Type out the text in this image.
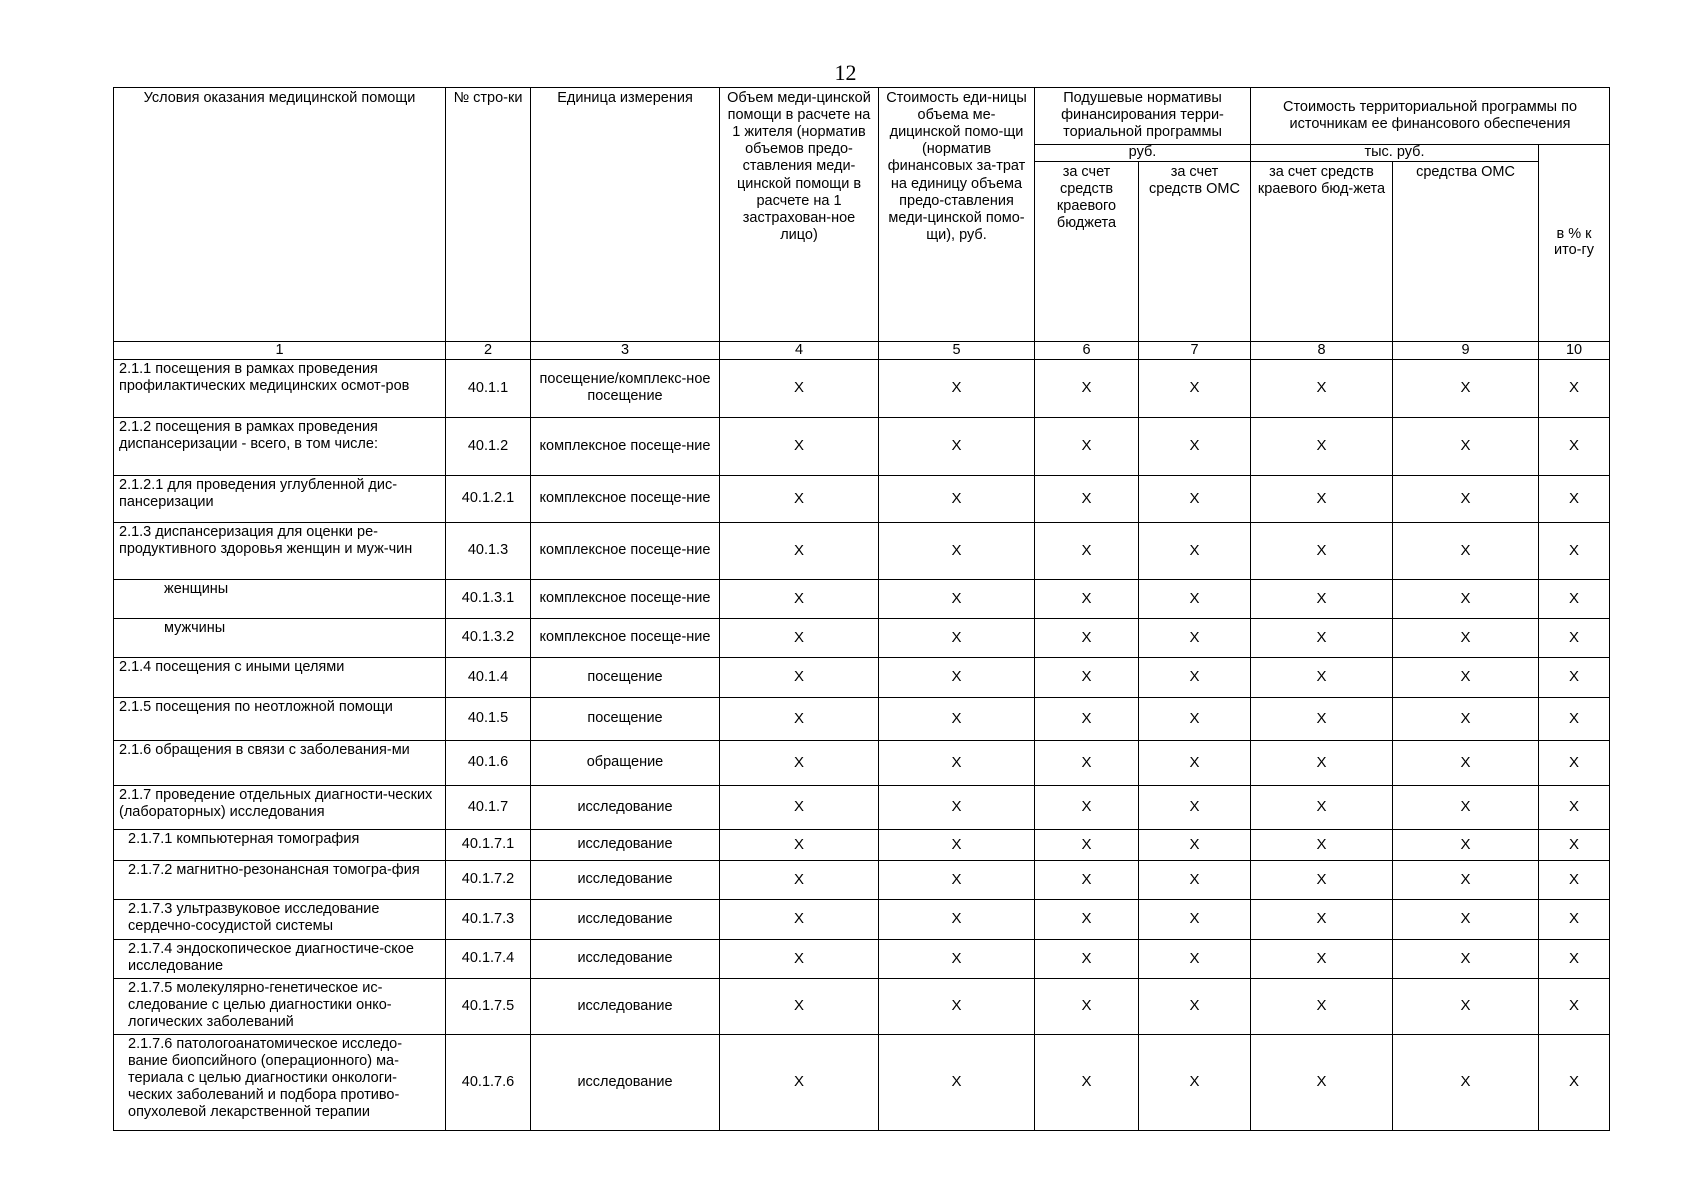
12
Условия оказания медицинской помощи	№ стро-ки	Единица измерения	Объем меди-цинской помощи в расчете на 1 жителя (норматив объемов предо-ставления меди-цинской помощи в расчете на 1 застрахован-ное лицо)	Стоимость еди-ницы объема ме-дицинской помо-щи (норматив финансовых за-трат на единицу объема предо-ставления меди-цинской помо-щи), руб.	Подушевые нормативы финансирования терри-ториальной программы		Стоимость территориальной программы по источникам ее финансового обеспечения		
					руб.		тыс. руб.		в % к ито-гу
					за счет средств краевого бюджета	за счет средств ОМС	за счет средств краевого бюд-жета	средства ОМС	
1	2	3	4	5	6	7	8	9	10
2.1.1 посещения в рамках проведения профилактических медицинских осмот-ров	40.1.1	посещение/комплекс-ное посещение	X	X	X	X	X	X	X
2.1.2 посещения в рамках проведения диспансеризации - всего, в том числе:	40.1.2	комплексное посеще-ние	X	X	X	X	X	X	X
2.1.2.1 для проведения углубленной дис-пансеризации	40.1.2.1	комплексное посеще-ние	X	X	X	X	X	X	X
2.1.3 диспансеризация для оценки ре-продуктивного здоровья женщин и муж-чин	40.1.3	комплексное посеще-ние	X	X	X	X	X	X	X
женщины	40.1.3.1	комплексное посеще-ние	X	X	X	X	X	X	X
мужчины	40.1.3.2	комплексное посеще-ние	X	X	X	X	X	X	X
2.1.4 посещения с иными целями	40.1.4	посещение	X	X	X	X	X	X	X
2.1.5 посещения по неотложной помощи	40.1.5	посещение	X	X	X	X	X	X	X
2.1.6 обращения в связи с заболевания-ми	40.1.6	обращение	X	X	X	X	X	X	X
2.1.7 проведение отдельных диагности-ческих (лабораторных) исследования	40.1.7	исследование	X	X	X	X	X	X	X
2.1.7.1 компьютерная томография	40.1.7.1	исследование	X	X	X	X	X	X	X
2.1.7.2 магнитно-резонансная томогра-фия	40.1.7.2	исследование	X	X	X	X	X	X	X
2.1.7.3 ультразвуковое исследование сердечно-сосудистой системы	40.1.7.3	исследование	X	X	X	X	X	X	X
2.1.7.4 эндоскопическое диагностиче-ское исследование	40.1.7.4	исследование	X	X	X	X	X	X	X
2.1.7.5 молекулярно-генетическое ис-следование с целью диагностики онко-логических заболеваний	40.1.7.5	исследование	X	X	X	X	X	X	X
2.1.7.6 патологоанатомическое исследо-вание биопсийного (операционного) ма-териала с целью диагностики онкологи-ческих заболеваний и подбора противо-опухолевой лекарственной терапии	40.1.7.6	исследование	X	X	X	X	X	X	X
